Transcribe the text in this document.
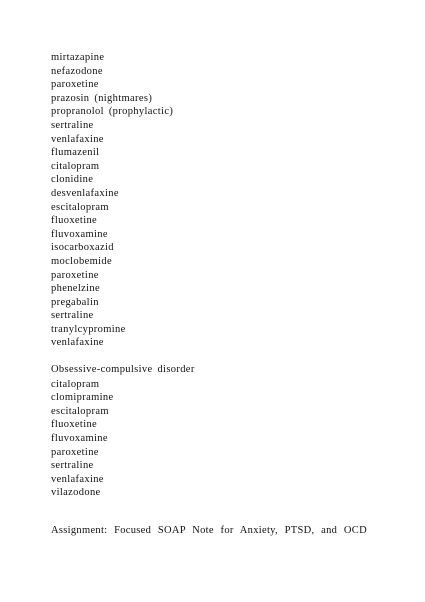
mirtazapine
nefazodone
paroxetine
prazosin (nightmares)
propranolol (prophylactic)
sertraline
venlafaxine
flumazenil
citalopram
clonidine
desvenlafaxine
escitalopram
fluoxetine
fluvoxamine
isocarboxazid
moclobemide
paroxetine
phenelzine
pregabalin
sertraline
tranylcypromine
venlafaxine
Obsessive-compulsive disorder
citalopram
clomipramine
escitalopram
fluoxetine
fluvoxamine
paroxetine
sertraline
venlafaxine
vilazodone
Assignment: Focused SOAP Note for Anxiety, PTSD, and OCD
